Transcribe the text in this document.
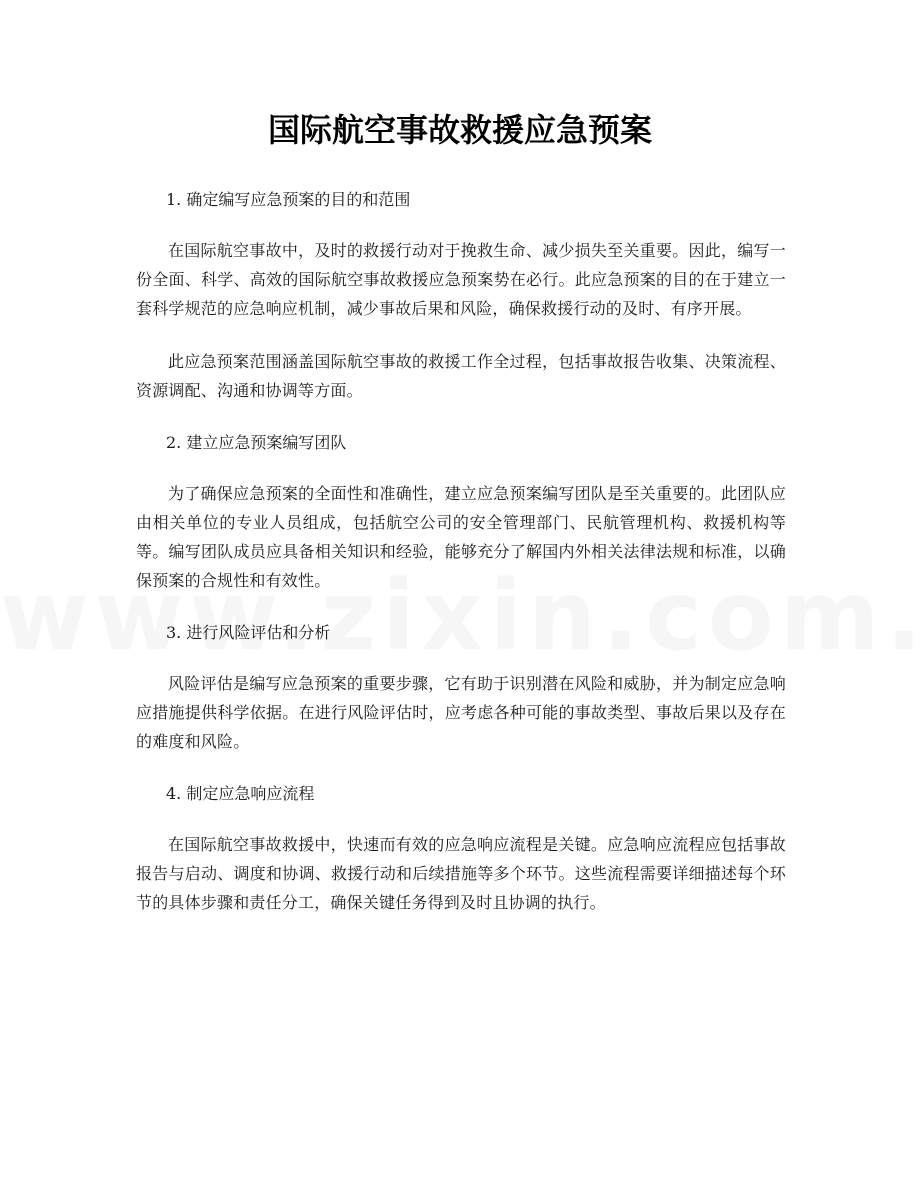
国际航空事故救援应急预案

1. 确定编写应急预案的目的和范围

在国际航空事故中，及时的救援行动对于挽救生命、减少损失至关重要。因此，编写一份全面、科学、高效的国际航空事故救援应急预案势在必行。此应急预案的目的在于建立一套科学规范的应急响应机制，减少事故后果和风险，确保救援行动的及时、有序开展。

此应急预案范围涵盖国际航空事故的救援工作全过程，包括事故报告收集、决策流程、资源调配、沟通和协调等方面。

2. 建立应急预案编写团队

为了确保应急预案的全面性和准确性，建立应急预案编写团队是至关重要的。此团队应由相关单位的专业人员组成，包括航空公司的安全管理部门、民航管理机构、救援机构等等。编写团队成员应具备相关知识和经验，能够充分了解国内外相关法律法规和标准，以确保预案的合规性和有效性。

3. 进行风险评估和分析

风险评估是编写应急预案的重要步骤，它有助于识别潜在风险和威胁，并为制定应急响应措施提供科学依据。在进行风险评估时，应考虑各种可能的事故类型、事故后果以及存在的难度和风险。

4. 制定应急响应流程

在国际航空事故救援中，快速而有效的应急响应流程是关键。应急响应流程应包括事故报告与启动、调度和协调、救援行动和后续措施等多个环节。这些流程需要详细描述每个环节的具体步骤和责任分工，确保关键任务得到及时且协调的执行。
